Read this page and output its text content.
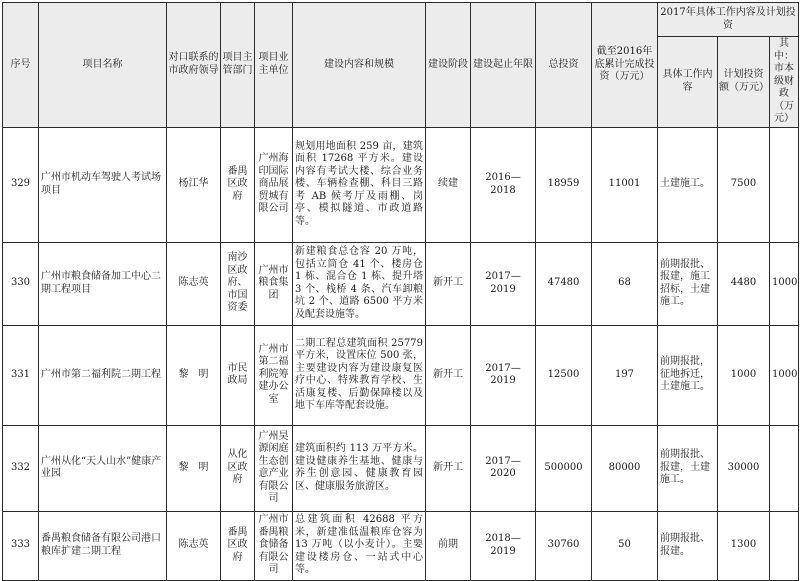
序号	项目名称	对口联系的市政府领导	项目主管部门	项目业主单位	建设内容和规模	建设阶段	建设起止年限	总投资	截至2016年底累计完成投资（万元）	2017年具体工作内容及计划投资		
										具体工作内容	计划投资额（万元）	其中：市本级财政（万元）
329	广州市机动车驾驶人考试场项目	杨江华	番禺区政府	广州海印国际商品展贸城有限公司	规划用地面积 259 亩，建筑面积 17268 平方米。建设内容有考试大楼、综合业务楼、车辆检查棚、科目三路考 AB 候考厅及雨棚、岗亭、模拟隧道、市政道路等。	续建	2016—2018	18959	11001	土建施工。	7500	
330	广州市粮食储备加工中心二期工程项目	陈志英	南沙区政府、市国资委	广州市粮食集团	新建粮食总仓容 20 万吨，包括立筒仓 41 个、楼房仓 1 栋、混合仓 1 栋、提升塔 3 个、栈桥 4 条、汽车卸粮坑 2 个、道路 6500 平方米及配套设施等。	新开工	2017—2019	47480	68	前期报批、报建，施工招标，土建施工。	4480	1000
331	广州市第二福利院二期工程	黎　明	市民政局	广州市第二福利院筹建办公室	二期工程总建筑面积 25779 平方米，设置床位 500 张，主要建设内容为建设康复医疗中心、特殊教育学校、生活康复楼、后勤保障楼以及地下车库等配套设施。	新开工	2017—2019	12500	197	前期报批，征地拆迁，土建施工。	1000	1000
332	广州从化“天人山水”健康产业园	黎　明	从化区政府	广州昊源闲庭生态创意产业有限公司	建筑面积约 113 万平方米。建设健康养生基地、健康与养生创意园、健康教育园区、健康服务旅游区。	新开工	2017—2020	500000	80000	前期报批、报建，土建施工。	30000	
333	番禺粮食储备有限公司港口粮库扩建二期工程	陈志英	番禺区政府	广州市番禺粮食储备有限公司	总建筑面积 42688 平方米，新建准低温粮库仓容为 13 万吨（以小麦计）。主要建设楼房仓、一站式中心等。	前期	2018—2019	30760	50	前期报批、报建。	1300	
